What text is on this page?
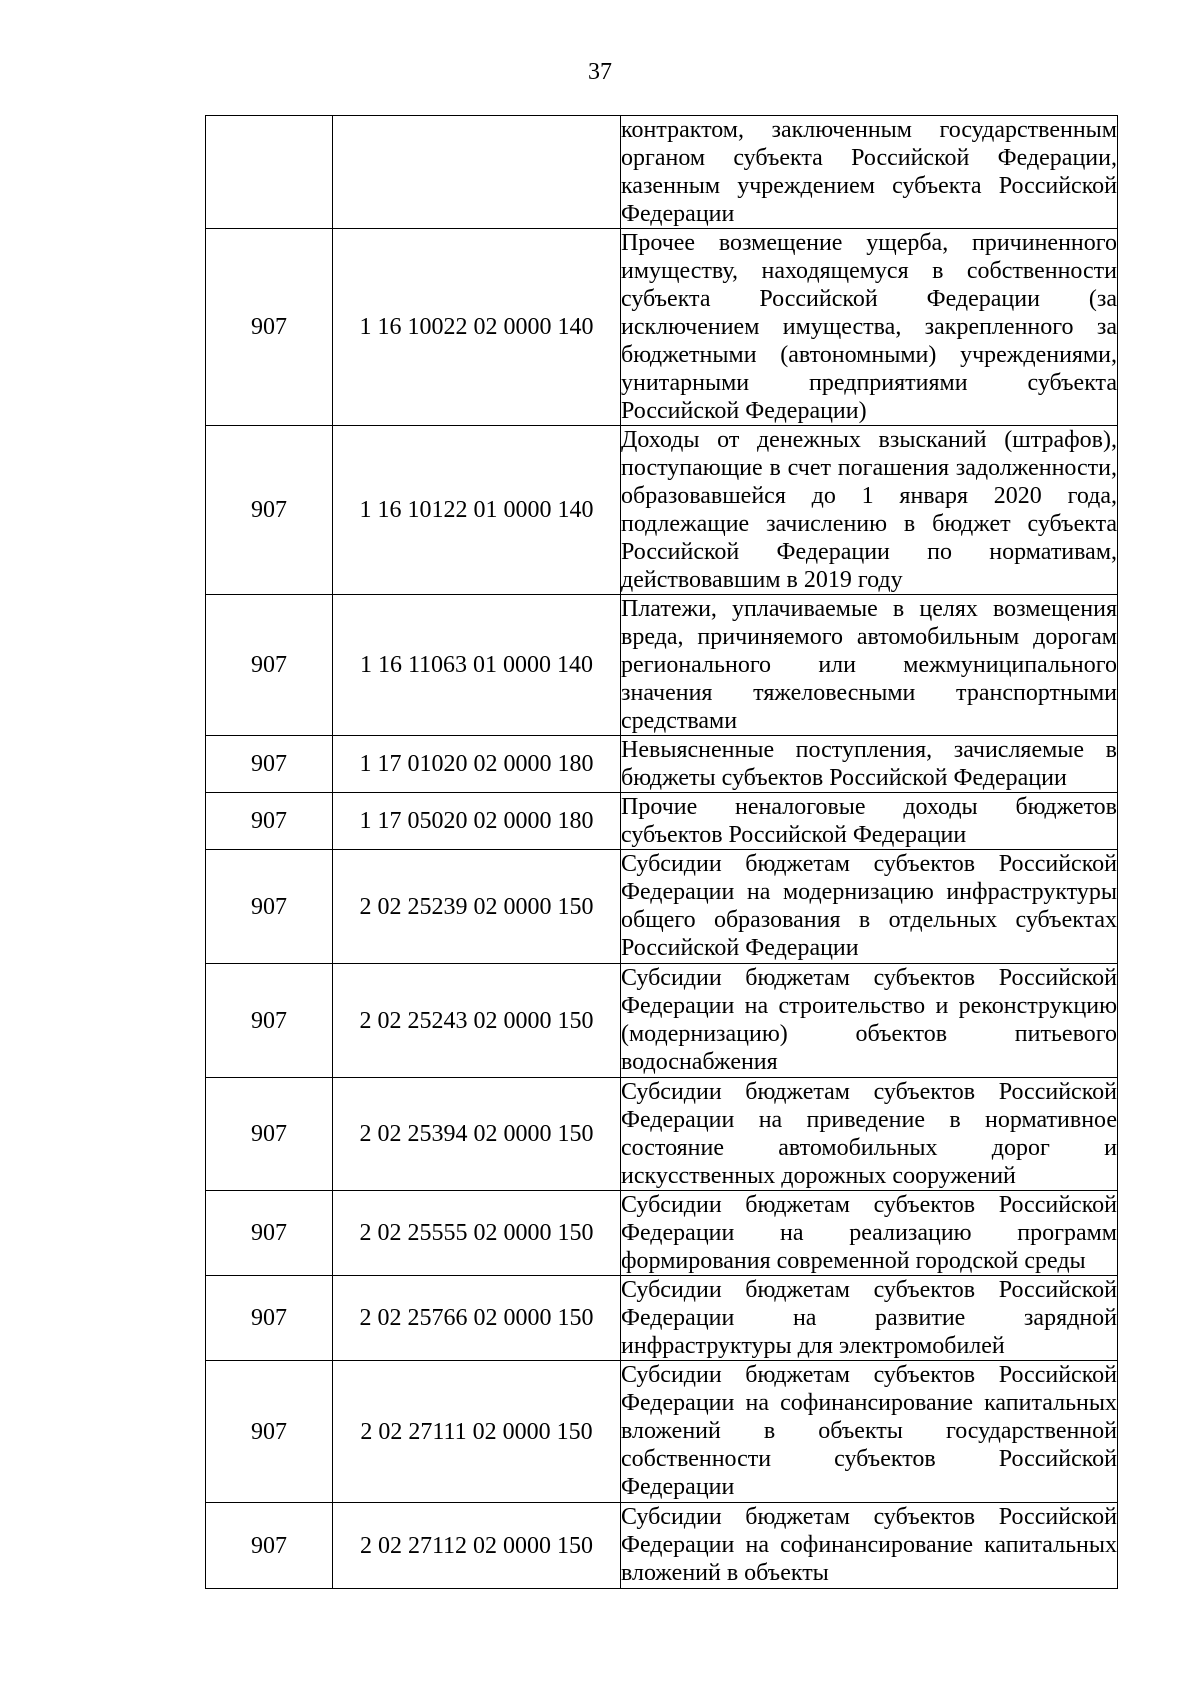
37
		контрактом, заключенным государственным органом субъекта Российской Федерации, казенным учреждением субъекта Российской Федерации
907	1 16 10022 02 0000 140	Прочее возмещение ущерба, причиненного имуществу, находящемуся в собственности субъекта Российской Федерации (за исключением имущества, закрепленного за бюджетными (автономными) учреждениями, унитарными предприятиями субъекта Российской Федерации)
907	1 16 10122 01 0000 140	Доходы от денежных взысканий (штрафов), поступающие в счет погашения задолженности, образовавшейся до 1 января 2020 года, подлежащие зачислению в бюджет субъекта Российской Федерации по нормативам, действовавшим в 2019 году
907	1 16 11063 01 0000 140	Платежи, уплачиваемые в целях возмещения вреда, причиняемого автомобильным дорогам регионального или межмуниципального значения тяжеловесными транспортными средствами
907	1 17 01020 02 0000 180	Невыясненные поступления, зачисляемые в бюджеты субъектов Российской Федерации
907	1 17 05020 02 0000 180	Прочие неналоговые доходы бюджетов субъектов Российской Федерации
907	2 02 25239 02 0000 150	Субсидии бюджетам субъектов Российской Федерации на модернизацию инфраструктуры общего образования в отдельных субъектах Российской Федерации
907	2 02 25243 02 0000 150	Субсидии бюджетам субъектов Российской Федерации на строительство и реконструкцию (модернизацию) объектов питьевого водоснабжения
907	2 02 25394 02 0000 150	Субсидии бюджетам субъектов Российской Федерации на приведение в нормативное состояние автомобильных дорог и искусственных дорожных сооружений
907	2 02 25555 02 0000 150	Субсидии бюджетам субъектов Российской Федерации на реализацию программ формирования современной городской среды
907	2 02 25766 02 0000 150	Субсидии бюджетам субъектов Российской Федерации на развитие зарядной инфраструктуры для электромобилей
907	2 02 27111 02 0000 150	Субсидии бюджетам субъектов Российской Федерации на софинансирование капитальных вложений в объекты государственной собственности субъектов Российской Федерации
907	2 02 27112 02 0000 150	Субсидии бюджетам субъектов Российской Федерации на софинансирование капитальных вложений в объекты
